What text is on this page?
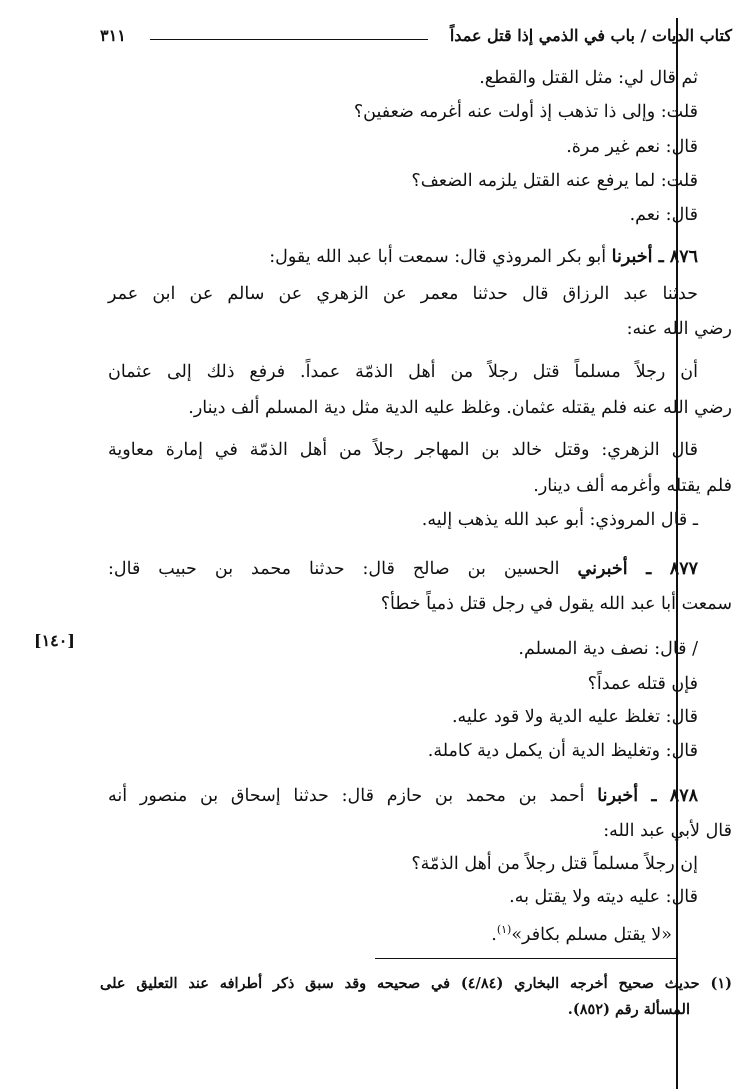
كتاب الديات / باب في الذمي إذا قتل عمداً
٣١١
ثم قال لي: مثل القتل والقطع.
قلت: وإلى ذا تذهب إذ أولت عنه أغرمه ضعفين؟
قال: نعم غير مرة.
قلت: لما يرفع عنه القتل يلزمه الضعف؟
قال: نعم.
٨٧٦ ـ أخبرنا أبو بكر المروذي قال: سمعت أبا عبد الله يقول:
حدثنا عبد الرزاق قال حدثنا معمر عن الزهري عن سالم عن ابن عمر
رضي الله عنه:
أن رجلاً مسلماً قتل رجلاً من أهل الذمّة عمداً. فرفع ذلك إلى عثمان
رضي الله عنه فلم يقتله عثمان. وغلظ عليه الدية مثل دية المسلم ألف دينار.
قال الزهري: وقتل خالد بن المهاجر رجلاً من أهل الذمّة في إمارة معاوية
فلم يقتله وأغرمه ألف دينار.
ـ قال المروذي: أبو عبد الله يذهب إليه.
٨٧٧ ـ أخبرني الحسين بن صالح قال: حدثنا محمد بن حبيب قال:
سمعت أبا عبد الله يقول في رجل قتل ذمياً خطأ؟
[١٤٠]	/ قال: نصف دية المسلم.
فإن قتله عمداً؟
قال: تغلظ عليه الدية ولا قود عليه.
قال: وتغليظ الدية أن يكمل دية كاملة.
٨٧٨ ـ أخبرنا أحمد بن محمد بن حازم قال: حدثنا إسحاق بن منصور أنه
قال لأبي عبد الله:
إن رجلاً مسلماً قتل رجلاً من أهل الذمّة؟
قال: عليه ديته ولا يقتل به.
«لا يقتل مسلم بكافر»$^{(١)}$.
(١) حديث صحيح أخرجه البخاري (٤/٨٤) في صحيحه وقد سبق ذكر أطرافه عند التعليق على
المسألة رقم (٨٥٢).
